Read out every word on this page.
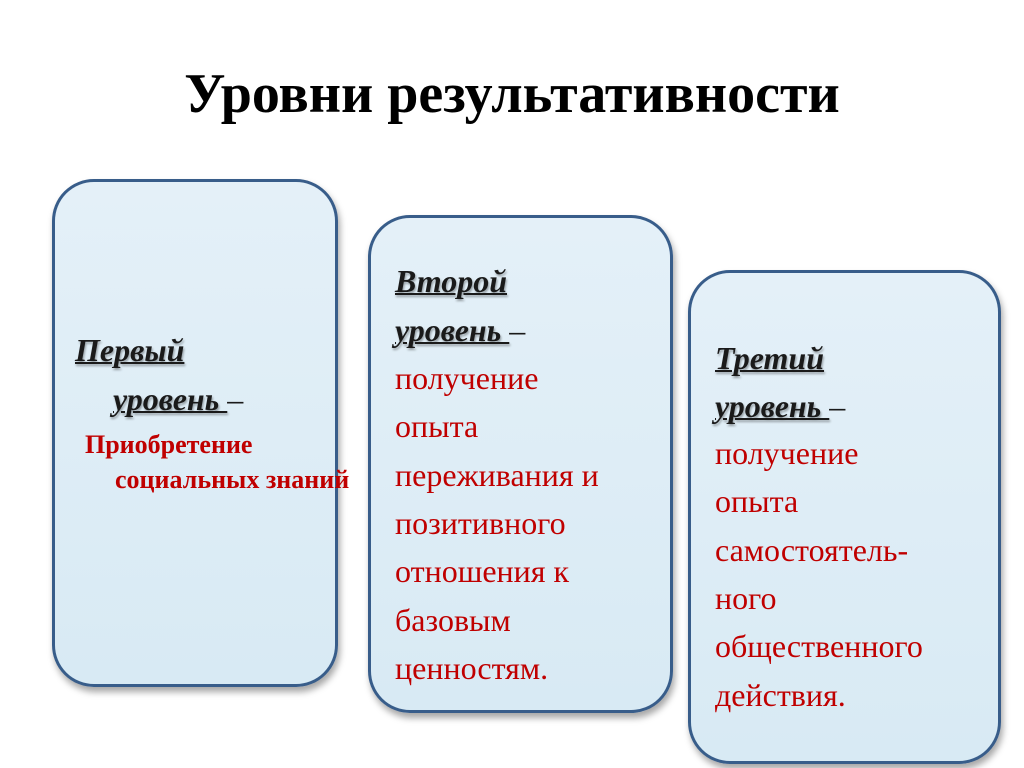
Уровни результативности
Первый
уровень –
Приобретение социальных знаний
Второй
уровень –
получение
опыта
переживания и
позитивного
отношения к
базовым
ценностям.
Третий
уровень –
получение
опыта
самостоятель-
ного
общественного
действия.
